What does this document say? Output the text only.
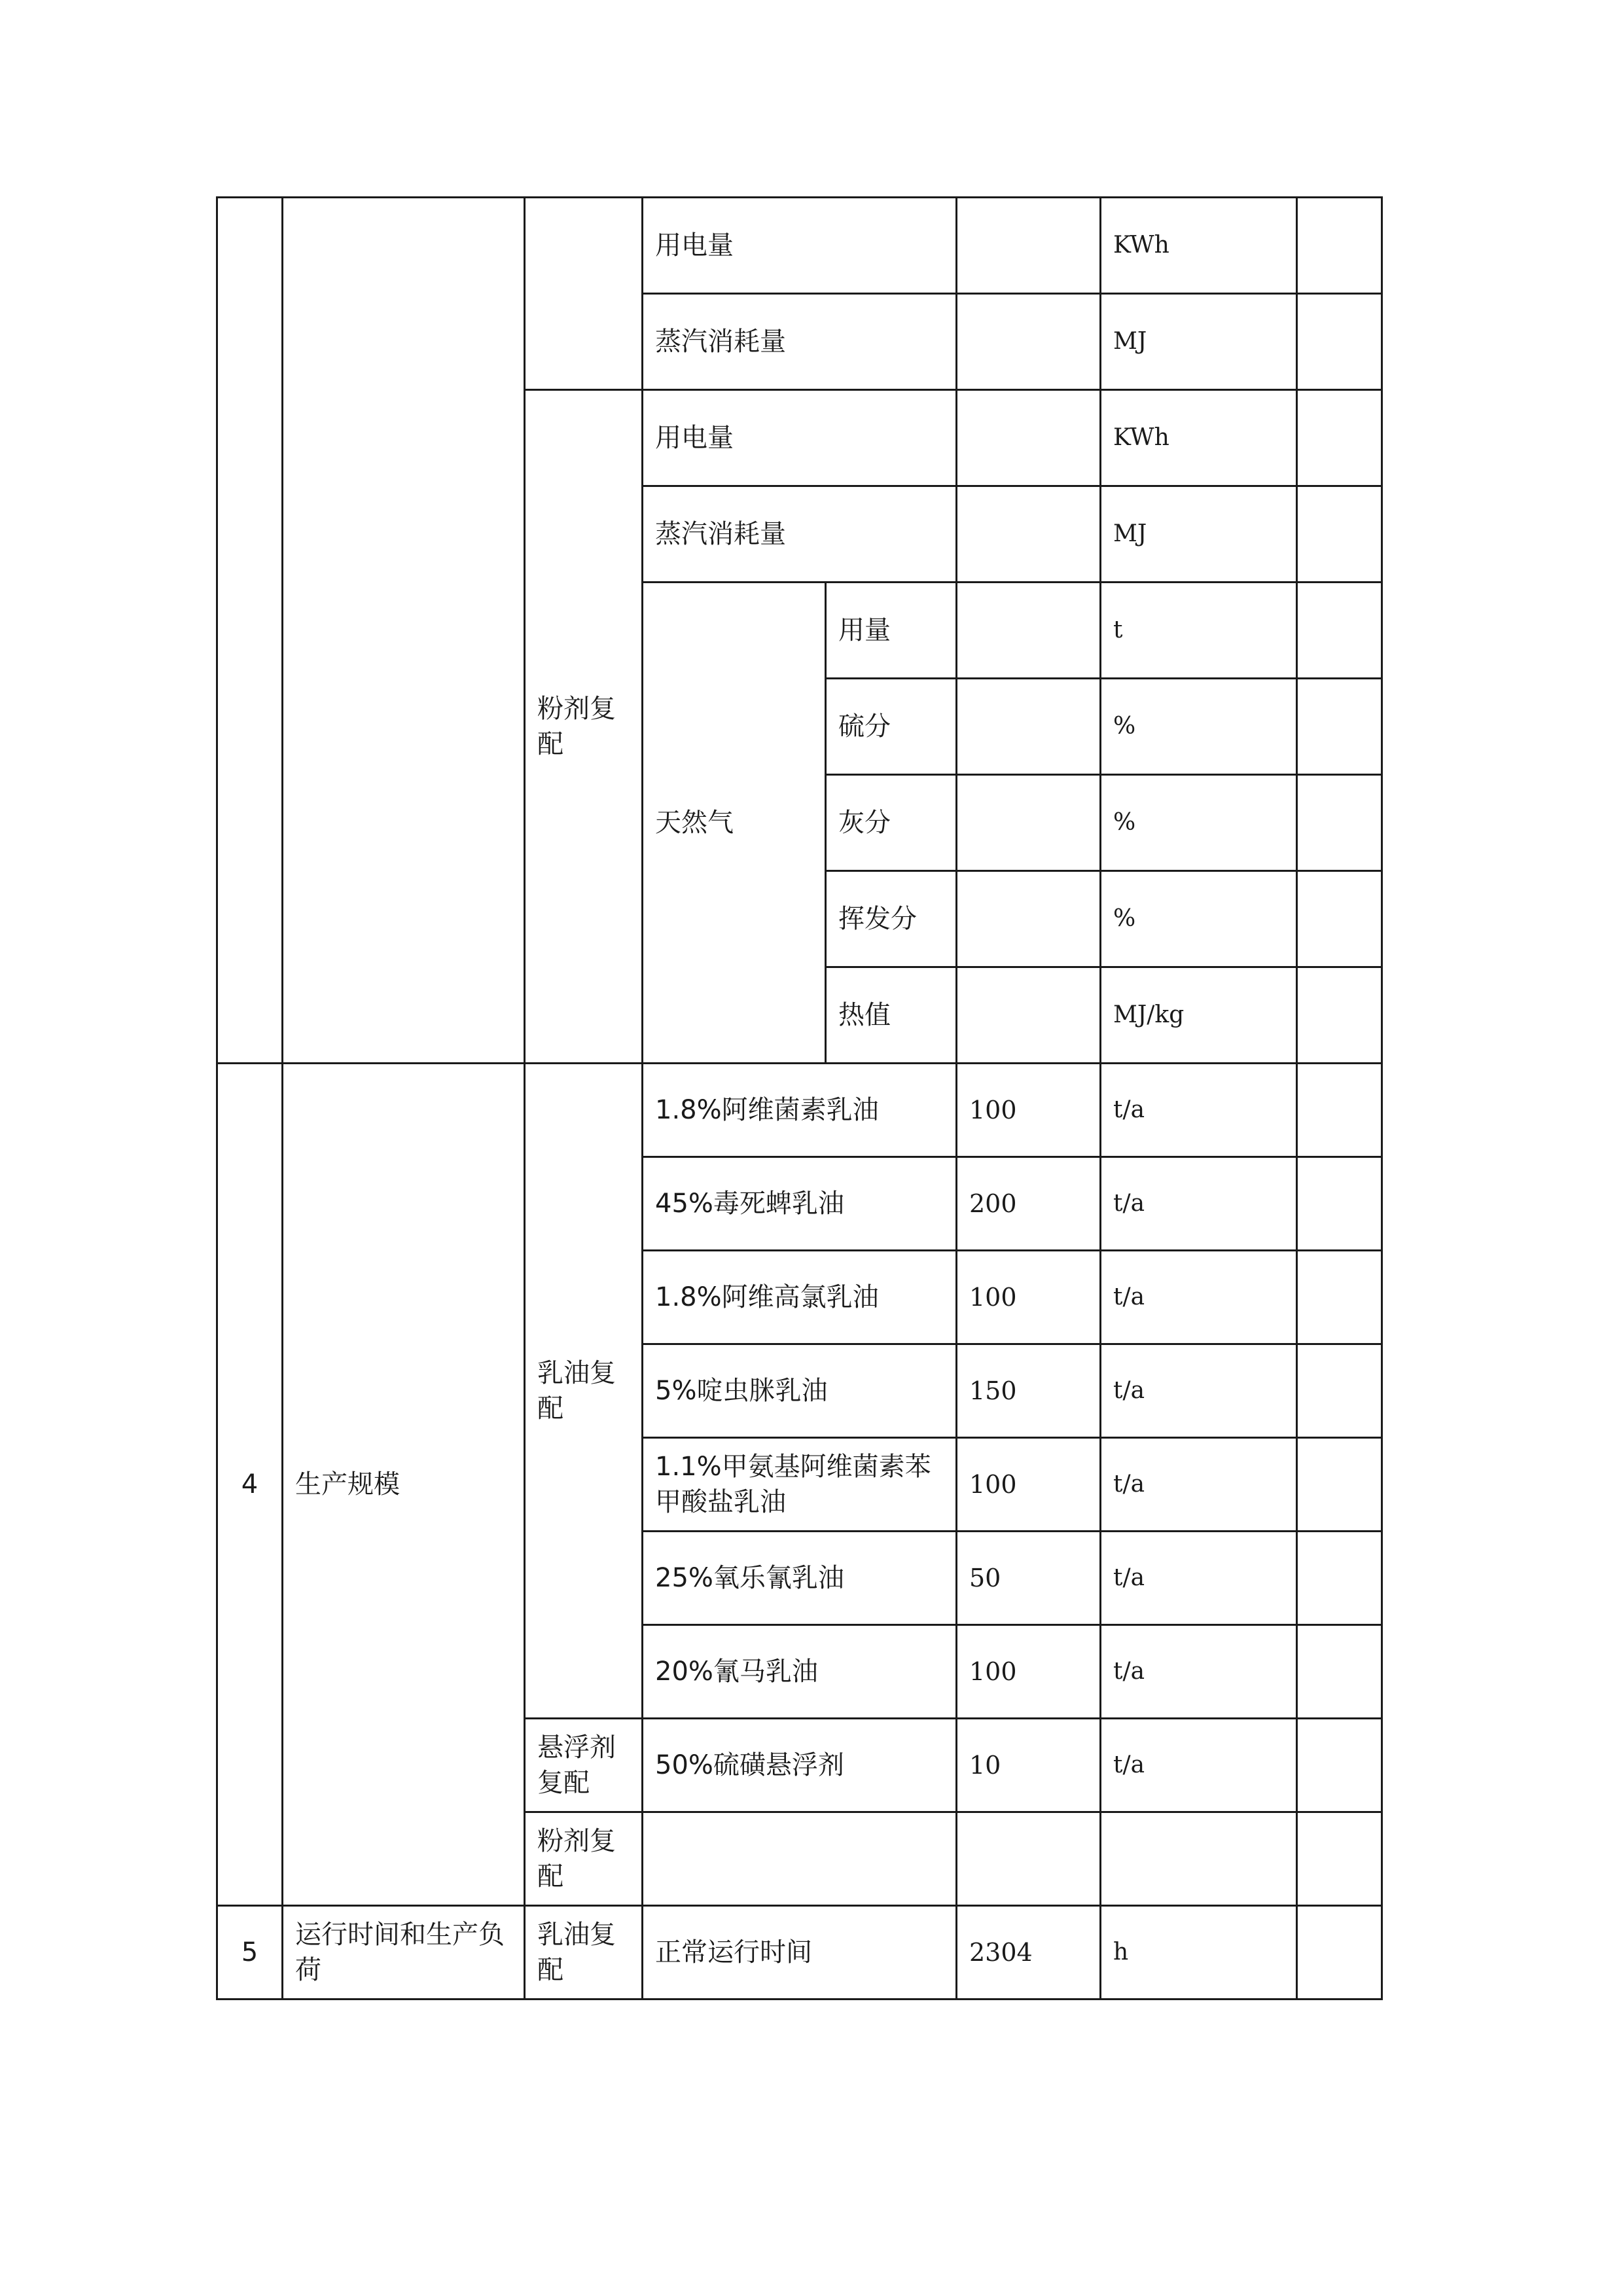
			用电量			KWh	
			蒸汽消耗量			MJ	
		粉剂复配	用电量			KWh	
			蒸汽消耗量			MJ	
			天然气	用量		t	
				硫分		%	
				灰分		%	
				挥发分		%	
				热值		MJ/kg	
4	生产规模	乳油复配	1.8%阿维菌素乳油		100	t/a	
			45%毒死蜱乳油		200	t/a	
			1.8%阿维高氯乳油		100	t/a	
			5%啶虫脒乳油		150	t/a	
			1.1%甲氨基阿维菌素苯甲酸盐乳油		100	t/a	
			25%氧乐氰乳油		50	t/a	
			20%氰马乳油		100	t/a	
		悬浮剂复配	50%硫磺悬浮剂		10	t/a	
		粉剂复配					
5	运行时间和生产负荷	乳油复配	正常运行时间		2304	h	
